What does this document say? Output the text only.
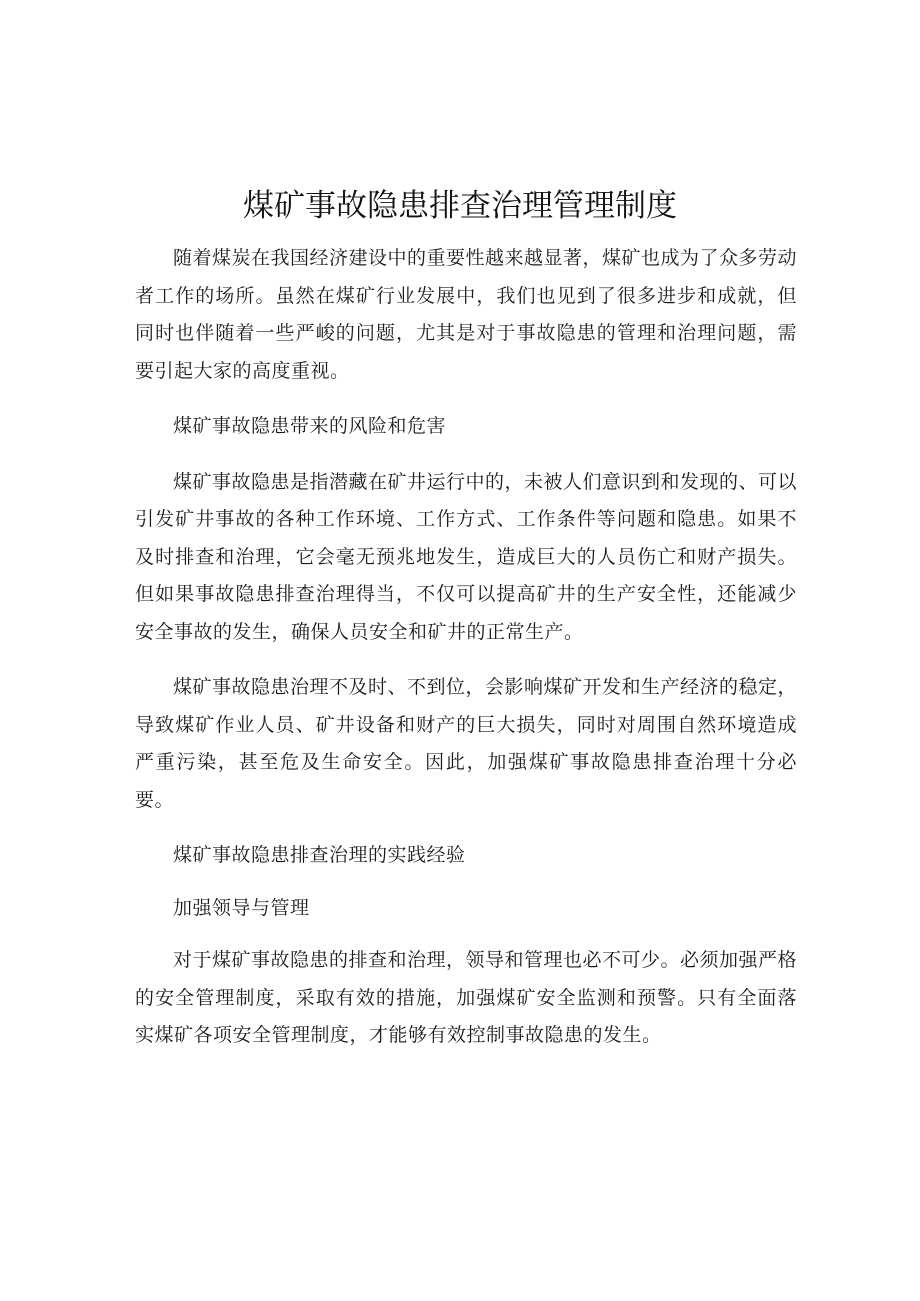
煤矿事故隐患排查治理管理制度

随着煤炭在我国经济建设中的重要性越来越显著，煤矿也成为了众多劳动者工作的场所。虽然在煤矿行业发展中，我们也见到了很多进步和成就，但同时也伴随着一些严峻的问题，尤其是对于事故隐患的管理和治理问题，需要引起大家的高度重视。

煤矿事故隐患带来的风险和危害

煤矿事故隐患是指潜藏在矿井运行中的，未被人们意识到和发现的、可以引发矿井事故的各种工作环境、工作方式、工作条件等问题和隐患。如果不及时排查和治理，它会毫无预兆地发生，造成巨大的人员伤亡和财产损失。但如果事故隐患排查治理得当，不仅可以提高矿井的生产安全性，还能减少安全事故的发生，确保人员安全和矿井的正常生产。

煤矿事故隐患治理不及时、不到位，会影响煤矿开发和生产经济的稳定，导致煤矿作业人员、矿井设备和财产的巨大损失，同时对周围自然环境造成严重污染，甚至危及生命安全。因此，加强煤矿事故隐患排查治理十分必要。

煤矿事故隐患排查治理的实践经验

加强领导与管理

对于煤矿事故隐患的排查和治理，领导和管理也必不可少。必须加强严格的安全管理制度，采取有效的措施，加强煤矿安全监测和预警。只有全面落实煤矿各项安全管理制度，才能够有效控制事故隐患的发生。
